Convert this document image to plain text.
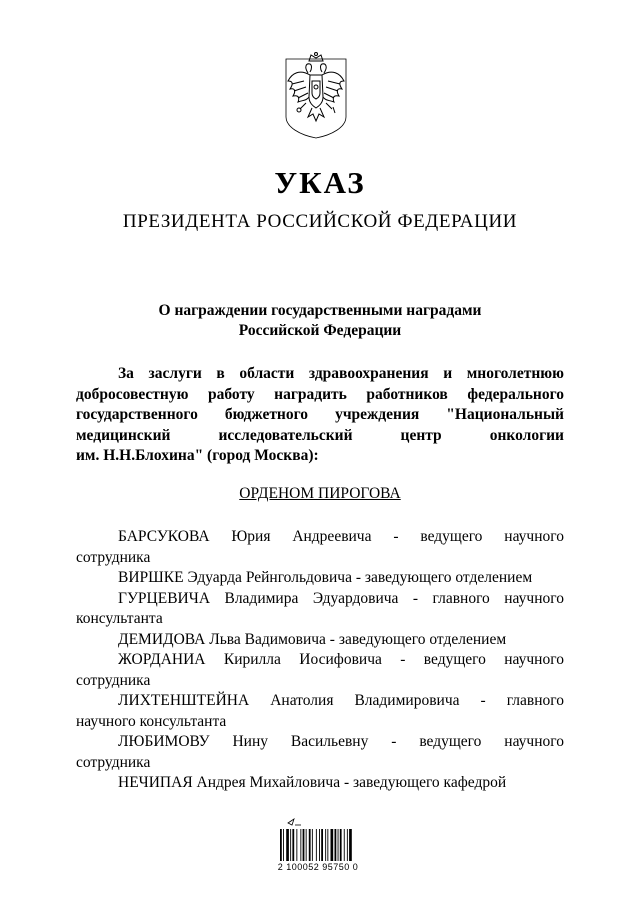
УКАЗ
ПРЕЗИДЕНТА РОССИЙСКОЙ ФЕДЕРАЦИИ
О награждении государственными наградами
Российской Федерации
За заслуги в области здравоохранения и многолетнюю
добросовестную работу наградить работников федерального
государственного бюджетного учреждения "Национальный
медицинский	исследовательский	центр	онкологии
им. Н.Н.Блохина" (город Москва):
ОРДЕНОМ ПИРОГОВА
БАРСУКОВА Юрия Андреевича - ведущего научного
сотрудника
ВИРШКЕ Эдуарда Рейнгольдовича - заведующего отделением
ГУРЦЕВИЧА Владимира Эдуардовича - главного научного
консультанта
ДЕМИДОВА Льва Вадимовича - заведующего отделением
ЖОРДАНИА Кирилла Иосифовича - ведущего научного
сотрудника
ЛИХТЕНШТЕЙНА Анатолия Владимировича - главного
научного консультанта
ЛЮБИМОВУ Нину Васильевну - ведущего научного
сотрудника
НЕЧИПАЯ Андрея Михайловича - заведующего кафедрой
2 100052 95750 0
